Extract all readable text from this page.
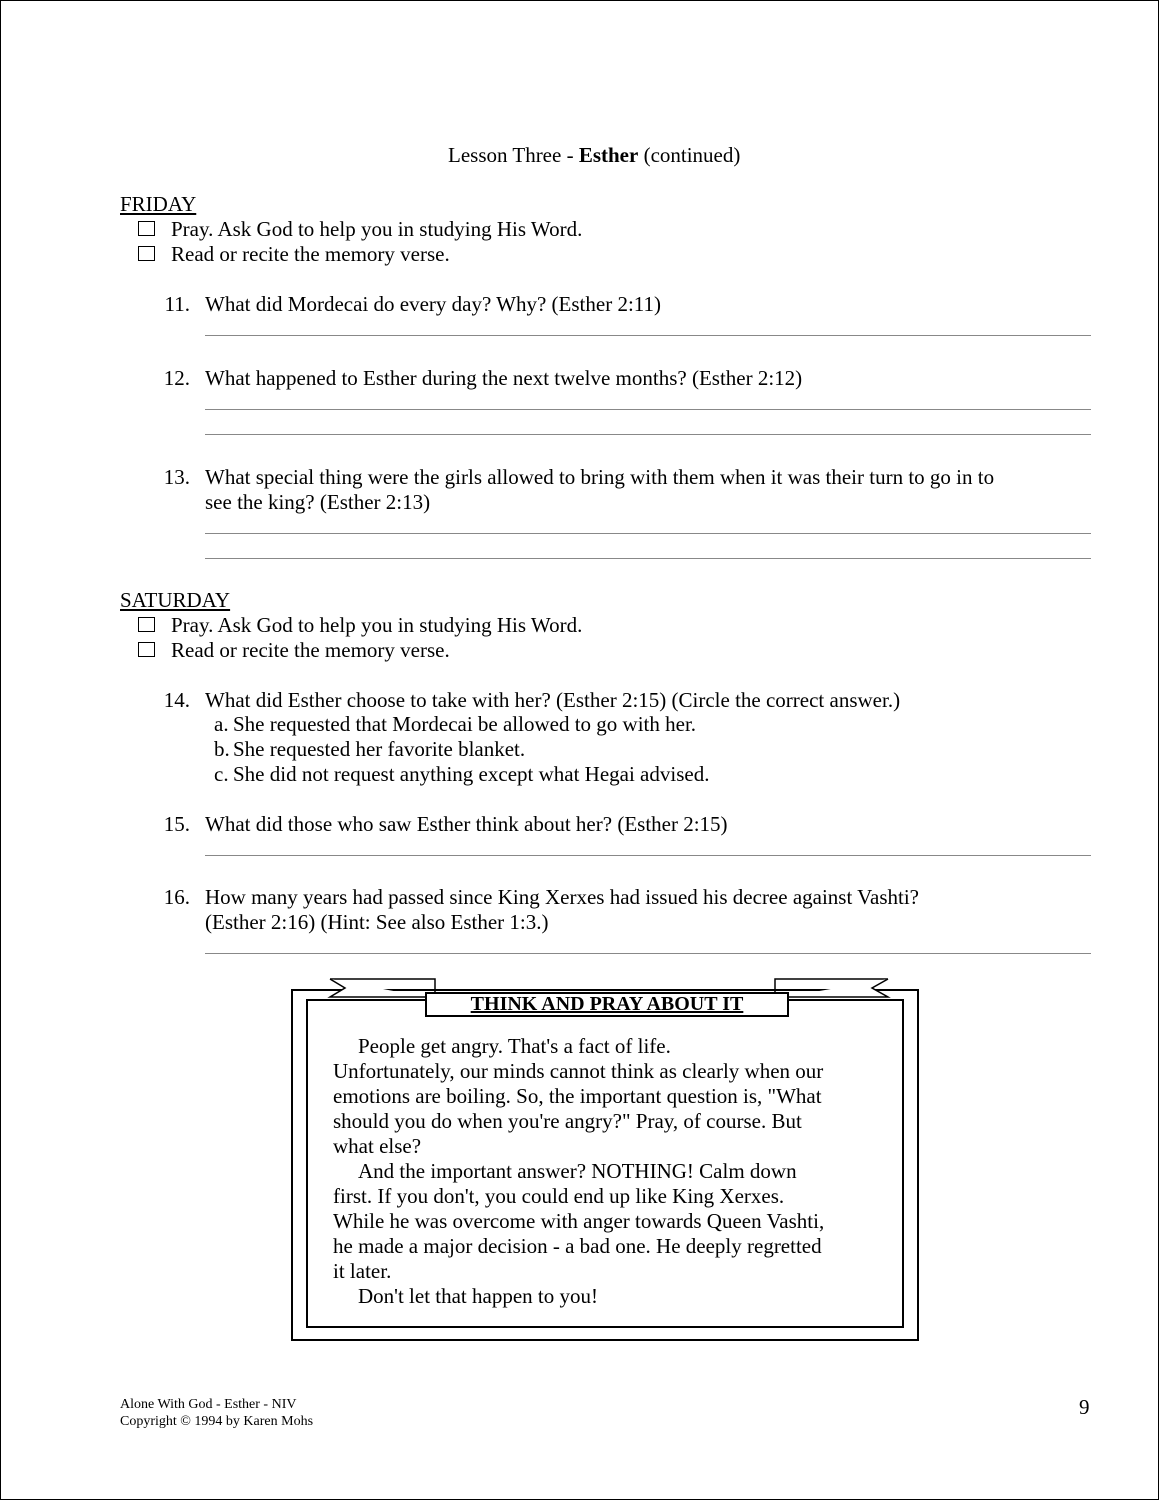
Lesson Three - Esther (continued)
FRIDAY
Pray. Ask God to help you in studying His Word.
Read or recite the memory verse.
11. What did Mordecai do every day? Why? (Esther 2:11)
12. What happened to Esther during the next twelve months? (Esther 2:12)
13. What special thing were the girls allowed to bring with them when it was their turn to go in to
see the king? (Esther 2:13)
SATURDAY
Pray. Ask God to help you in studying His Word.
Read or recite the memory verse.
14. What did Esther choose to take with her? (Esther 2:15) (Circle the correct answer.)
a. She requested that Mordecai be allowed to go with her.
b. She requested her favorite blanket.
c. She did not request anything except what Hegai advised.
15. What did those who saw Esther think about her? (Esther 2:15)
16. How many years had passed since King Xerxes had issued his decree against Vashti?
(Esther 2:16) (Hint: See also Esther 1:3.)
THINK AND PRAY ABOUT IT
People get angry. That's a fact of life.
Unfortunately, our minds cannot think as clearly when our
emotions are boiling. So, the important question is, "What
should you do when you're angry?" Pray, of course. But
what else?
And the important answer? NOTHING! Calm down
first. If you don't, you could end up like King Xerxes.
While he was overcome with anger towards Queen Vashti,
he made a major decision - a bad one. He deeply regretted
it later.
Don't let that happen to you!
Alone With God - Esther - NIV
Copyright © 1994 by Karen Mohs
9
